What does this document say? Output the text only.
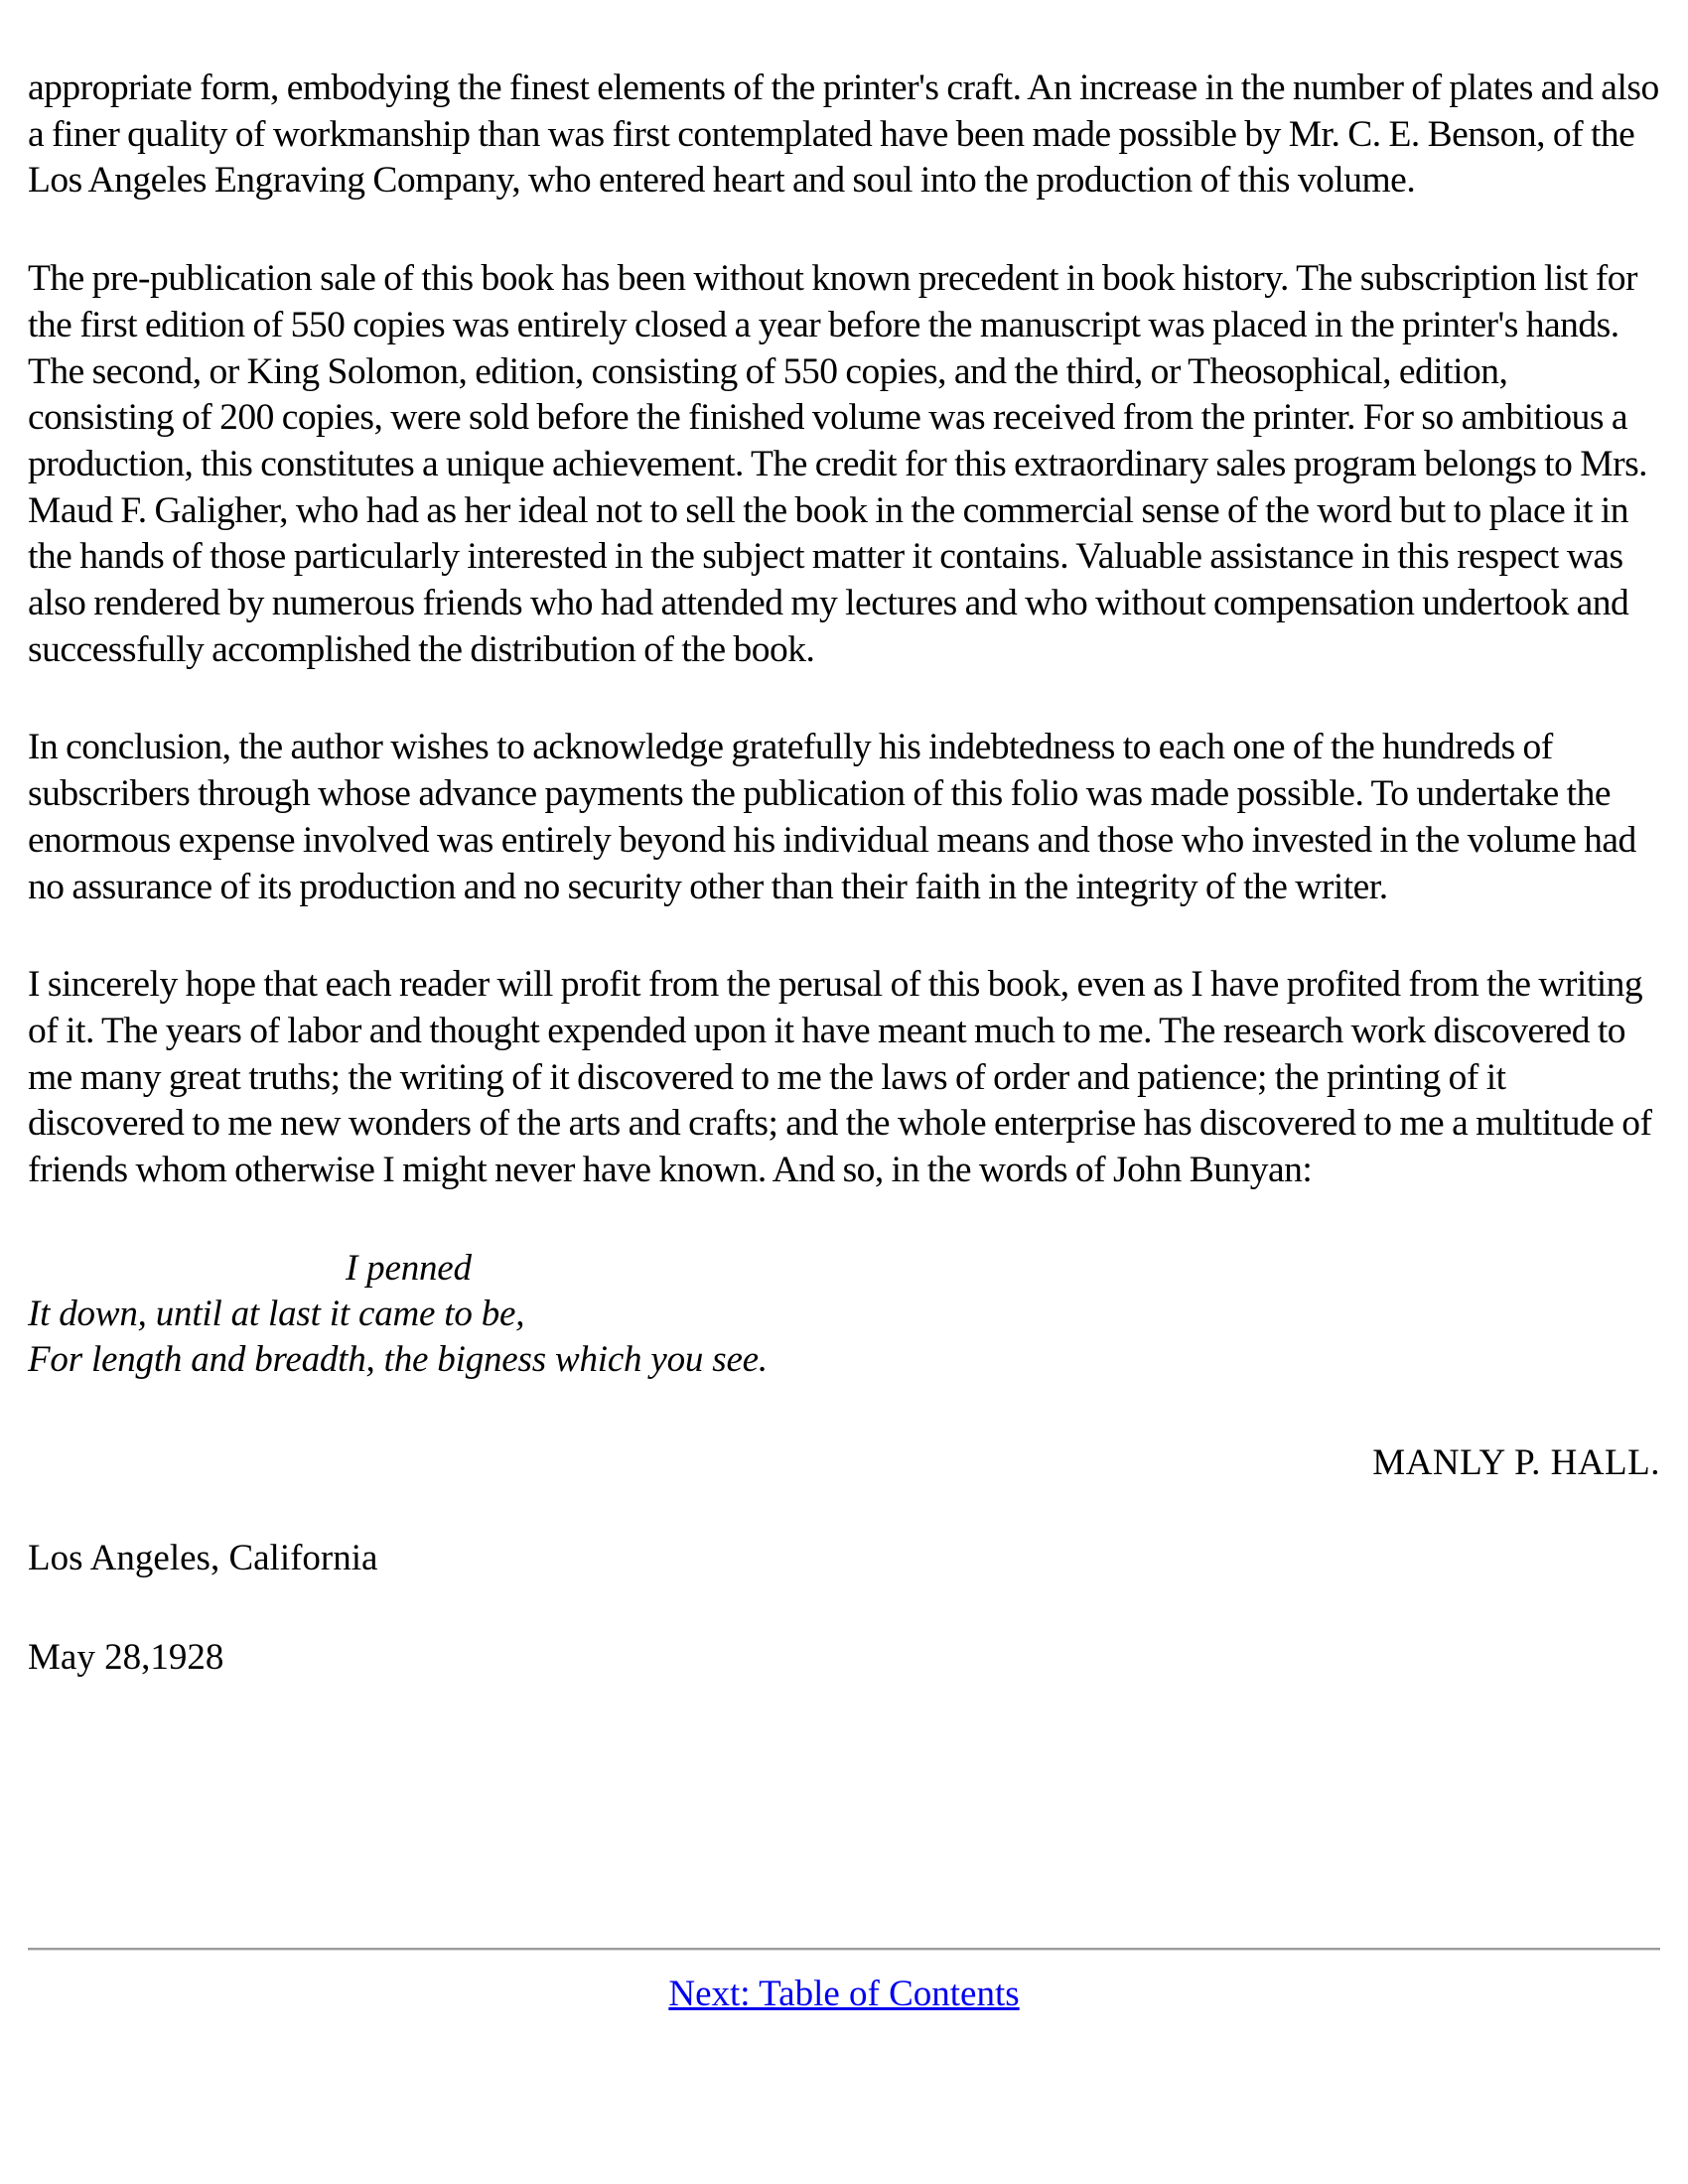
appropriate form, embodying the finest elements of the printer's craft. An increase in the number of plates and also a finer quality of workmanship than was first contemplated have been made possible by Mr. C. E. Benson, of the Los Angeles Engraving Company, who entered heart and soul into the production of this volume.

The pre-publication sale of this book has been without known precedent in book history. The subscription list for the first edition of 550 copies was entirely closed a year before the manuscript was placed in the printer's hands. The second, or King Solomon, edition, consisting of 550 copies, and the third, or Theosophical, edition, consisting of 200 copies, were sold before the finished volume was received from the printer. For so ambitious a production, this constitutes a unique achievement. The credit for this extraordinary sales program belongs to Mrs. Maud F. Galigher, who had as her ideal not to sell the book in the commercial sense of the word but to place it in the hands of those particularly interested in the subject matter it contains. Valuable assistance in this respect was also rendered by numerous friends who had attended my lectures and who without compensation undertook and successfully accomplished the distribution of the book.

In conclusion, the author wishes to acknowledge gratefully his indebtedness to each one of the hundreds of subscribers through whose advance payments the publication of this folio was made possible. To undertake the enormous expense involved was entirely beyond his individual means and those who invested in the volume had no assurance of its production and no security other than their faith in the integrity of the writer.

I sincerely hope that each reader will profit from the perusal of this book, even as I have profited from the writing of it. The years of labor and thought expended upon it have meant much to me. The research work discovered to me many great truths; the writing of it discovered to me the laws of order and patience; the printing of it discovered to me new wonders of the arts and crafts; and the whole enterprise has discovered to me a multitude of friends whom otherwise I might never have known. And so, in the words of John Bunyan:

I penned
It down, until at last it came to be,
For length and breadth, the bigness which you see.
MANLY P. HALL.
Los Angeles, California
May 28,1928
Next: Table of Contents
